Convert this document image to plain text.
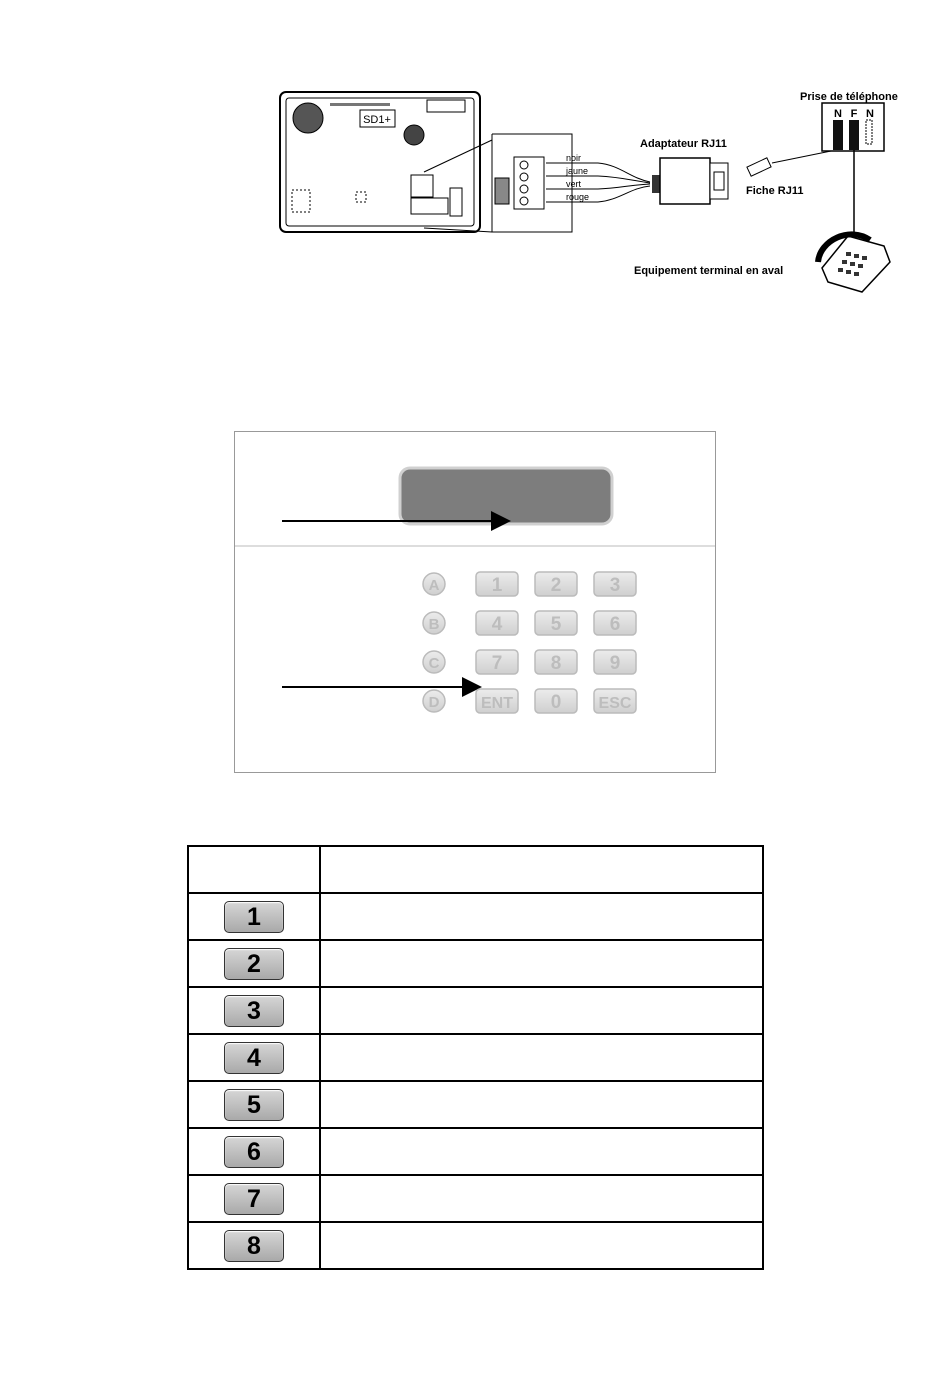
SD1+
noir
jaune
vert
rouge
Adaptateur RJ11
Fiche RJ11
N F N
Prise de téléphone
Equipement terminal en aval
A
B
C
D
1	2	3
4	5	6
7	8	9
ENT 0 ESC

1	
2	
3	
4	
5	
6	
7	
8	
